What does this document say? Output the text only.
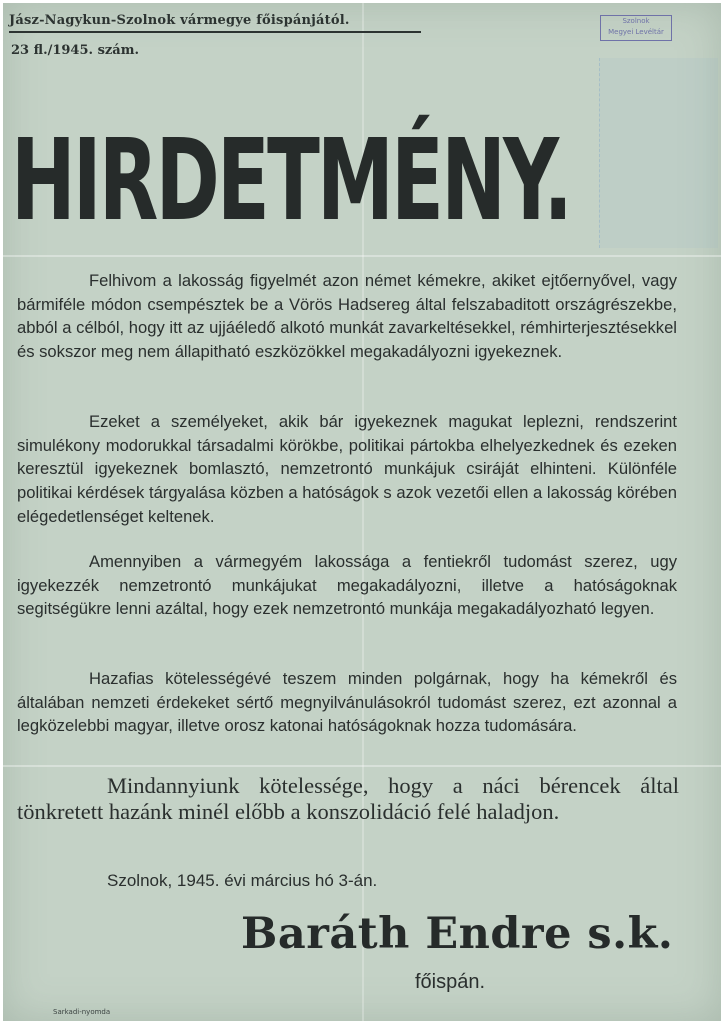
Jász-Nagykun-Szolnok vármegye főispánjától.
23 fl./1945. szám.
Szolnok
Megyei Levéltár
HIRDETMÉNY.

Felhivom a lakosság figyelmét azon német kémekre, akiket ejtőernyővel, vagy bármiféle módon csempésztek be a Vörös Hadsereg által felszabaditott országrészekbe, abból a célból, hogy itt az ujjáéledő alkotó munkát zavarkeltésekkel, rémhirterjesztésekkel és sokszor meg nem állapitható eszközökkel megakadályozni igyekeznek.

Ezeket a személyeket, akik bár igyekeznek magukat leplezni, rendszerint simulékony modorukkal társadalmi körökbe, politikai pártokba elhelyezkednek és ezeken keresztül igyekeznek bomlasztó, nemzetrontó munkájuk csiráját elhinteni. Különféle politikai kérdések tárgyalása közben a hatóságok s azok vezetői ellen a lakosság körében elégedetlenséget keltenek.

Amennyiben a vármegyém lakossága a fentiekről tudomást szerez, ugy igyekezzék nemzetrontó munkájukat megakadályozni, illetve a hatóságoknak segitségükre lenni azáltal, hogy ezek nemzetrontó munkája megakadályozható legyen.

Hazafias kötelességévé teszem minden polgárnak, hogy ha kémekről és általában nemzeti érdekeket sértő megnyilvánulásokról tudomást szerez, ezt azonnal a legközelebbi magyar, illetve orosz katonai hatóságoknak hozza tudomására.

Mindannyiunk kötelessége, hogy a náci bérencek által tönkretett hazánk minél előbb a konszolidáció felé haladjon.

Szolnok, 1945. évi március hó 3-án.
Baráth Endre s.k.
főispán.
Sarkadi-nyomda
